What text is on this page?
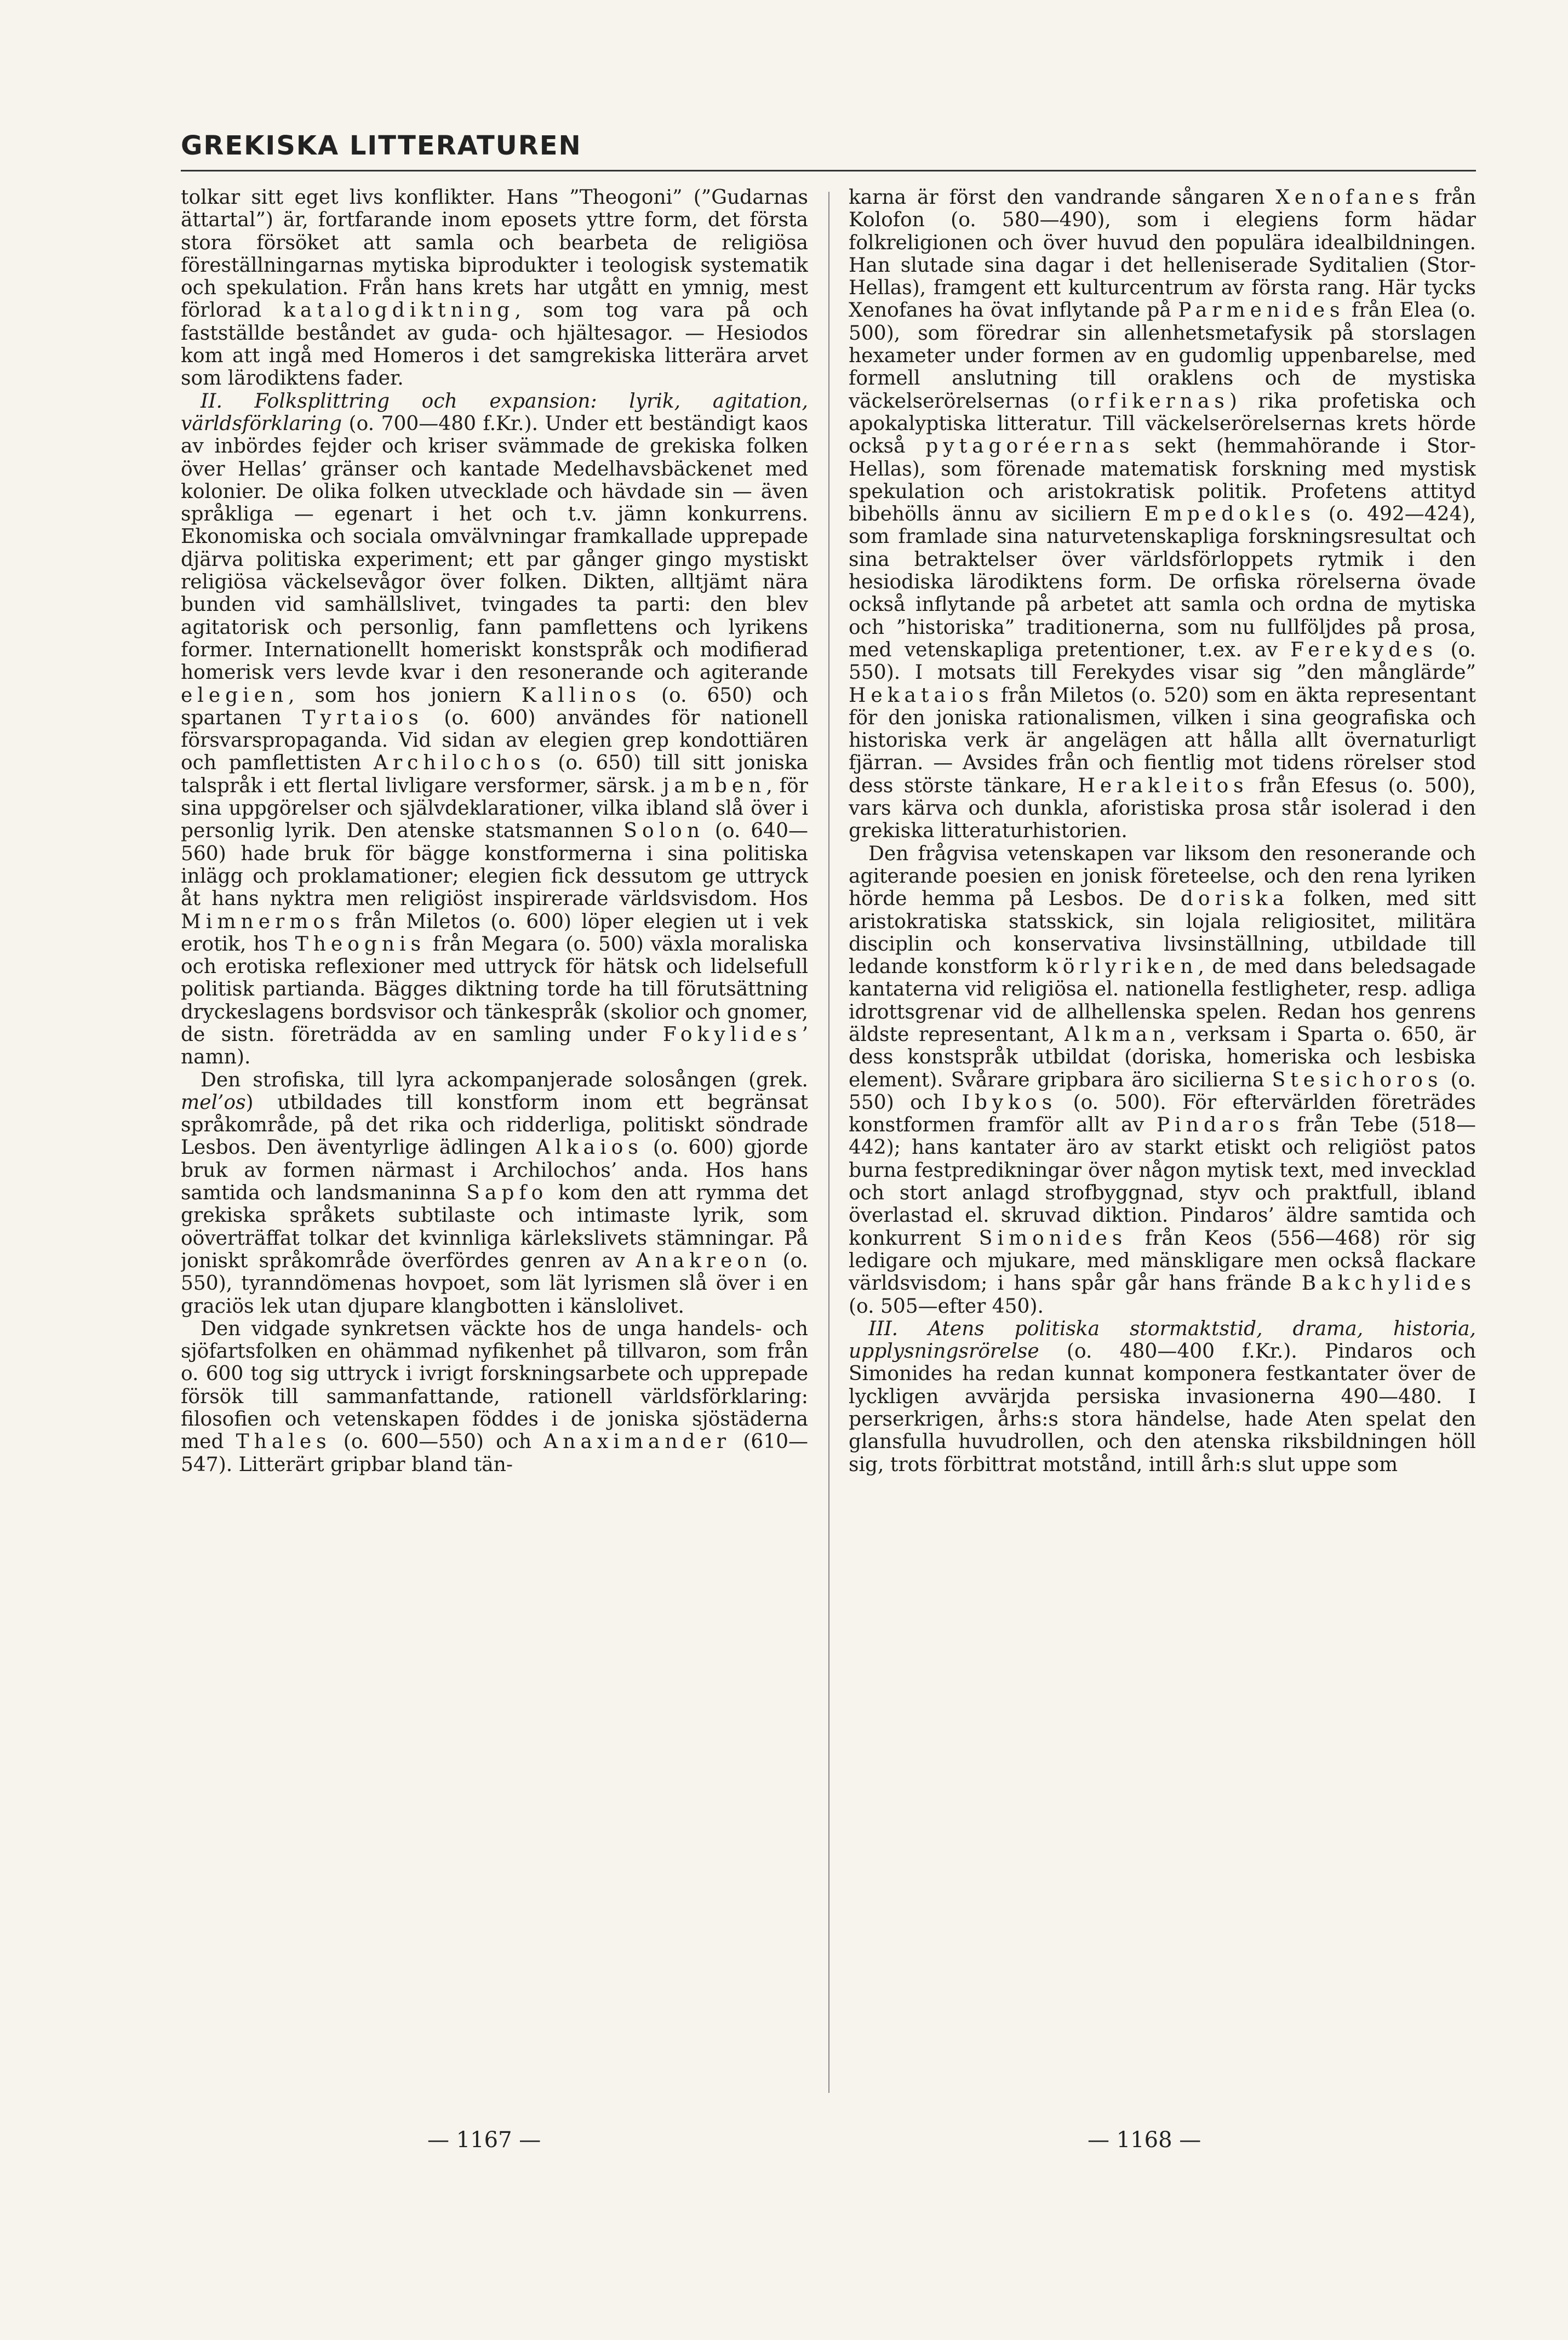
GREKISKA LITTERATUREN

tolkar sitt eget livs konflikter. Hans ”Theogoni” (”Gudarnas ättartal”) är, fortfarande inom eposets yttre form, det första stora försöket att samla och bearbeta de religiösa föreställningarnas mytiska biprodukter i teologisk systematik och spekulation. Från hans krets har utgått en ymnig, mest förlorad katalogdiktning, som tog vara på och fastställde beståndet av guda- och hjältesagor. — Hesiodos kom att ingå med Homeros i det samgrekiska litterära arvet som lärodiktens fader.

II. Folksplittring och expansion: lyrik, agitation, världsförklaring (o. 700—480 f.Kr.). Under ett beständigt kaos av inbördes fejder och kriser svämmade de grekiska folken över Hellas’ gränser och kantade Medelhavsbäckenet med kolonier. De olika folken utvecklade och hävdade sin — även språkliga — egenart i het och t.v. jämn konkurrens. Ekonomiska och sociala omvälvningar framkallade upprepade djärva politiska experiment; ett par gånger gingo mystiskt religiösa väckelsevågor över folken. Dikten, alltjämt nära bunden vid samhällslivet, tvingades ta parti: den blev agitatorisk och personlig, fann pamflettens och lyrikens former. Internationellt homeriskt konstspråk och modifierad homerisk vers levde kvar i den resonerande och agiterande elegien, som hos joniern Kallinos (o. 650) och spartanen Tyrtaios (o. 600) användes för nationell försvarspropaganda. Vid sidan av elegien grep kondottiären och pamflettisten Archilochos (o. 650) till sitt joniska talspråk i ett flertal livligare versformer, särsk. jamben, för sina uppgörelser och självdeklarationer, vilka ibland slå över i personlig lyrik. Den atenske statsmannen Solon (o. 640—560) hade bruk för bägge konstformerna i sina politiska inlägg och proklamationer; elegien fick dessutom ge uttryck åt hans nyktra men religiöst inspirerade världsvisdom. Hos Mimnermos från Miletos (o. 600) löper elegien ut i vek erotik, hos Theognis från Megara (o. 500) växla moraliska och erotiska reflexioner med uttryck för hätsk och lidelsefull politisk partianda. Bägges diktning torde ha till förutsättning dryckeslagens bordsvisor och tänkespråk (skolior och gnomer, de sistn. företrädda av en samling under Fokylides’ namn).

Den strofiska, till lyra ackompanjerade solosången (grek. mel’os) utbildades till konstform inom ett begränsat språkområde, på det rika och ridderliga, politiskt söndrade Lesbos. Den äventyrlige ädlingen Alkaios (o. 600) gjorde bruk av formen närmast i Archilochos’ anda. Hos hans samtida och landsmaninna Sapfo kom den att rymma det grekiska språkets subtilaste och intimaste lyrik, som oöverträffat tolkar det kvinnliga kärlekslivets stämningar. På joniskt språkområde överfördes genren av Anakreon (o. 550), tyranndömenas hovpoet, som lät lyrismen slå över i en graciös lek utan djupare klangbotten i känslolivet.

Den vidgade synkretsen väckte hos de unga handels- och sjöfartsfolken en ohämmad nyfikenhet på tillvaron, som från o. 600 tog sig uttryck i ivrigt forskningsarbete och upprepade försök till sammanfattande, rationell världsförklaring: filosofien och vetenskapen föddes i de joniska sjöstäderna med Thales (o. 600—550) och Anaximander (610—547). Litterärt gripbar bland tän-

karna är först den vandrande sångaren Xenofanes från Kolofon (o. 580—490), som i elegiens form hädar folkreligionen och över huvud den populära idealbildningen. Han slutade sina dagar i det helleniserade Syditalien (Stor-Hellas), framgent ett kulturcentrum av första rang. Här tycks Xenofanes ha övat inflytande på Parmenides från Elea (o. 500), som föredrar sin allenhetsmetafysik på storslagen hexameter under formen av en gudomlig uppenbarelse, med formell anslutning till oraklens och de mystiska väckelserörelsernas (orfikernas) rika profetiska och apokalyptiska litteratur. Till väckelserörelsernas krets hörde också pytagoréernas sekt (hemmahörande i Stor-Hellas), som förenade matematisk forskning med mystisk spekulation och aristokratisk politik. Profetens attityd bibehölls ännu av siciliern Empedokles (o. 492—424), som framlade sina naturvetenskapliga forskningsresultat och sina betraktelser över världsförloppets rytmik i den hesiodiska lärodiktens form. De orfiska rörelserna övade också inflytande på arbetet att samla och ordna de mytiska och ”historiska” traditionerna, som nu fullföljdes på prosa, med vetenskapliga pretentioner, t.ex. av Ferekydes (o. 550). I motsats till Ferekydes visar sig ”den månglärde” Hekataios från Miletos (o. 520) som en äkta representant för den joniska rationalismen, vilken i sina geografiska och historiska verk är angelägen att hålla allt övernaturligt fjärran. — Avsides från och fientlig mot tidens rörelser stod dess störste tänkare, Herakleitos från Efesus (o. 500), vars kärva och dunkla, aforistiska prosa står isolerad i den grekiska litteraturhistorien.

Den frågvisa vetenskapen var liksom den resonerande och agiterande poesien en jonisk företeelse, och den rena lyriken hörde hemma på Lesbos. De doriska folken, med sitt aristokratiska statsskick, sin lojala religiositet, militära disciplin och konservativa livsinställning, utbildade till ledande konstform körlyriken, de med dans beledsagade kantaterna vid religiösa el. nationella festligheter, resp. adliga idrottsgrenar vid de allhellenska spelen. Redan hos genrens äldste representant, Alkman, verksam i Sparta o. 650, är dess konstspråk utbildat (doriska, homeriska och lesbiska element). Svårare gripbara äro sicilierna Stesichoros (o. 550) och Ibykos (o. 500). För eftervärlden företrädes konstformen framför allt av Pindaros från Tebe (518—442); hans kantater äro av starkt etiskt och religiöst patos burna festpredikningar över någon mytisk text, med invecklad och stort anlagd strofbyggnad, styv och praktfull, ibland överlastad el. skruvad diktion. Pindaros’ äldre samtida och konkurrent Simonides från Keos (556—468) rör sig ledigare och mjukare, med mänskligare men också flackare världsvisdom; i hans spår går hans frände Bakchylides (o. 505—efter 450).

III. Atens politiska stormaktstid, drama, historia, upplysningsrörelse (o. 480—400 f.Kr.). Pindaros och Simonides ha redan kunnat komponera festkantater över de lyckligen avvärjda persiska invasionerna 490—480. I perserkrigen, århs:s stora händelse, hade Aten spelat den glansfulla huvudrollen, och den atenska riksbildningen höll sig, trots förbittrat motstånd, intill årh:s slut uppe som

— 1167 —	— 1168 —
